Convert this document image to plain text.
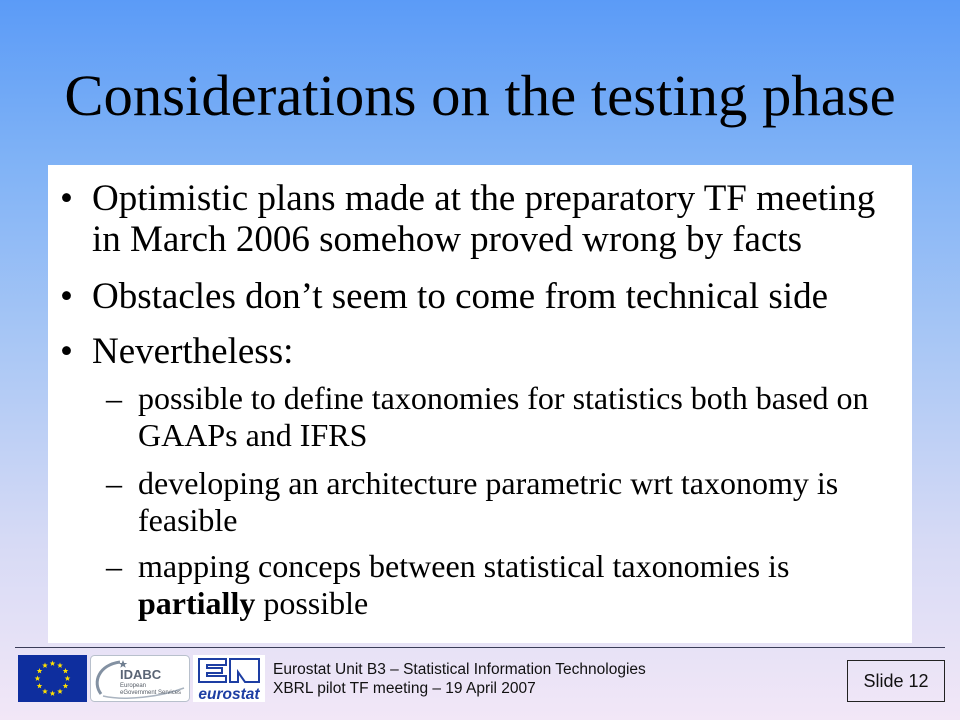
Considerations on the testing phase
• Optimistic plans made at the preparatory TF meeting in March 2006 somehow proved wrong by facts
• Obstacles don’t seem to come from technical side
• Nevertheless:
– possible to define taxonomies for statistics both based on GAAPs and IFRS
– developing an architecture parametric wrt taxonomy is feasible
– mapping conceps between statistical taxonomies is partially possible
IDABC
European
eGovernment Services eurostat
Eurostat Unit B3 – Statistical Information Technologies
XBRL pilot TF meeting – 19 April 2007	Slide 12
